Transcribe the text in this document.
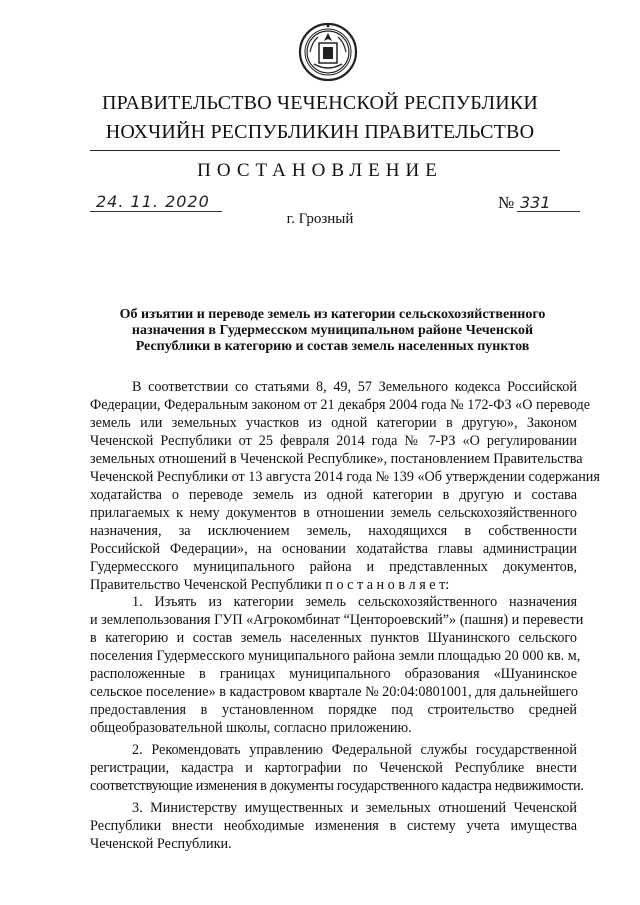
ПРАВИТЕЛЬСТВО ЧЕЧЕНСКОЙ РЕСПУБЛИКИ
НОХЧИЙН РЕСПУБЛИКИН ПРАВИТЕЛЬСТВО
ПОСТАНОВЛЕНИЕ
24. 11. 2020	№ 331
г. Грозный
Об изъятии и переводе земель из категории сельскохозяйственного
назначения в Гудермесском муниципальном районе Чеченской
Республики в категорию и состав земель населенных пунктов
В соответствии со статьями 8, 49, 57 Земельного кодекса Российской
Федерации, Федеральным законом от 21 декабря 2004 года № 172-ФЗ «О переводе
земель или земельных участков из одной категории в другую», Законом
Чеченской Республики от 25 февраля 2014 года № 7-РЗ «О регулировании
земельных отношений в Чеченской Республике», постановлением Правительства
Чеченской Республики от 13 августа 2014 года № 139 «Об утверждении содержания
ходатайства о переводе земель из одной категории в другую и состава
прилагаемых к нему документов в отношении земель сельскохозяйственного
назначения, за исключением земель, находящихся в собственности
Российской Федерации», на основании ходатайства главы администрации
Гудермесского муниципального района и представленных документов,
Правительство Чеченской Республики п о с т а н о в л я е т:
1. Изъять из категории земель сельскохозяйственного назначения
и землепользования ГУП «Агрокомбинат “Центороевский”» (пашня) и перевести
в категорию и состав земель населенных пунктов Шуанинского сельского
поселения Гудермесского муниципального района земли площадью 20 000 кв. м,
расположенные в границах муниципального образования «Шуанинское
сельское поселение» в кадастровом квартале № 20:04:0801001, для дальнейшего
предоставления в установленном порядке под строительство средней
общеобразовательной школы, согласно приложению.
2. Рекомендовать управлению Федеральной службы государственной
регистрации, кадастра и картографии по Чеченской Республике внести
соответствующие изменения в документы государственного кадастра недвижимости.
3. Министерству имущественных и земельных отношений Чеченской
Республики внести необходимые изменения в систему учета имущества
Чеченской Республики.
